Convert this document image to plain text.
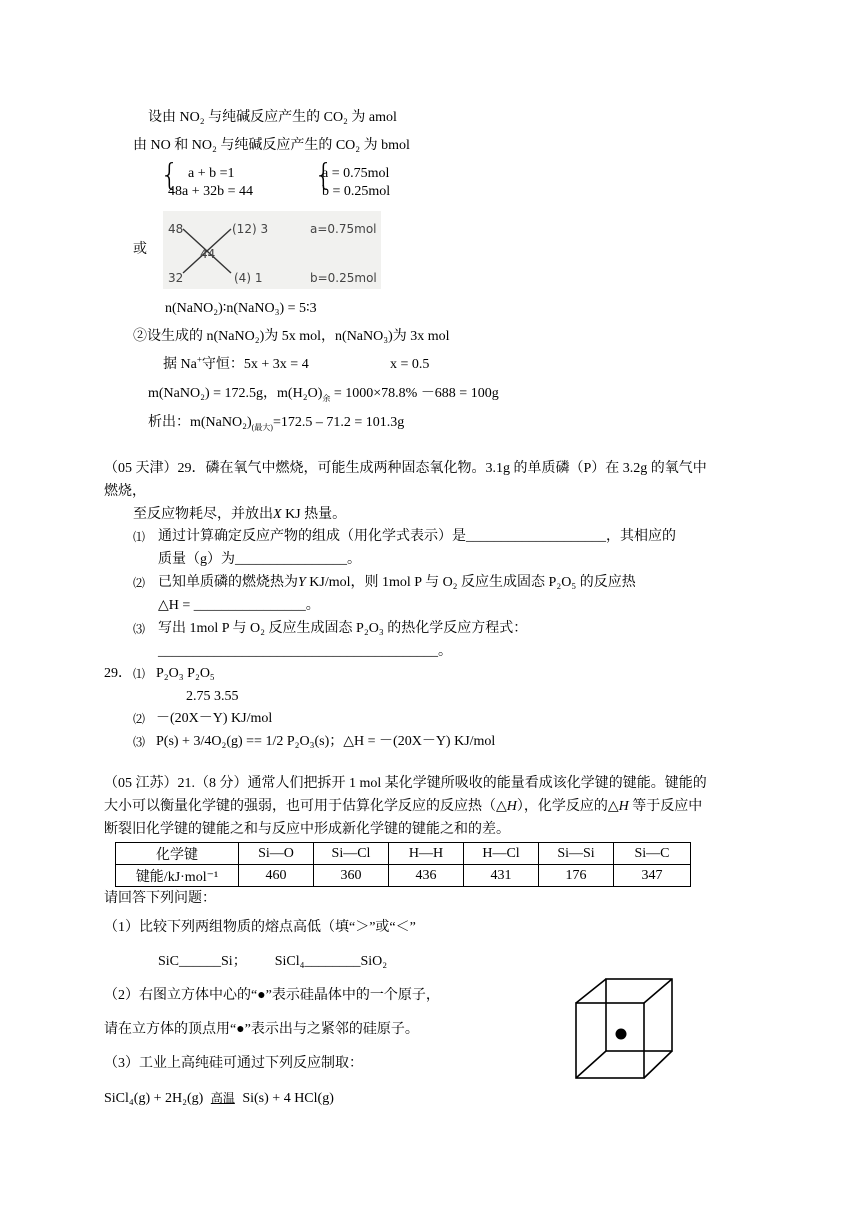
设由 NO₂ 与纯碱反应产生的 CO₂ 为 amol
由 NO 和 NO₂ 与纯碱反应产生的 CO₂ 为 bmol
{ a + b =1
48a + 32b = 44 {
a = 0.75mol
b = 0.25mol
或
48	(12) 3
44
32	(4) 1
a=0.75mol
b=0.25mol
n(NaNO₂)∶n(NaNO₃) = 5∶3
②设生成的 n(NaNO₂)为 5x mol，n(NaNO₃)为 3x mol
据 Na+守恒：5x + 3x = 4	x = 0.5
m(NaNO₂) = 172.5g，$m(H_2O)_余 = 1000\times 78.8\% -688 = 100g$
析出：$m(NaNO_2)_{(最大)}=172.5 - 71.2 = 101.3g$
（05 天津）29．磷在氧气中燃烧，可能生成两种固态氧化物。3.1g 的单质磷（P）在 3.2g 的氧气中
燃烧，
至反应物耗尽，并放出X KJ 热量。
⑴ 通过计算确定反应产物的组成（用化学式表示）是____________________，其相应的
质量（g）为________________。
⑵ 已知单质磷的燃烧热为Y KJ/mol，则 1mol P 与 O₂ 反应生成固态 P₂O₅ 的反应热
△H = ________________。
⑶ 写出 1mol P 与 O₂ 反应生成固态 P₂O₃ 的热化学反应方程式：
________________________________________。
29． ⑴ P₂O₃ P₂O₅
2.75 3.55
⑵ －(20X－Y) KJ/mol
⑶ P(s) + 3/4O₂(g) == 1/2 P₂O₃(s)；△H = －(20X－Y) KJ/mol
（05 江苏）21.（8 分）通常人们把拆开 1 mol 某化学键所吸收的能量看成该化学键的键能。键能的
大小可以衡量化学键的强弱，也可用于估算化学反应的反应热（△H），化学反应的△H 等于反应中
断裂旧化学键的键能之和与反应中形成新化学键的键能之和的差。
化学键	Si—O	Si—Cl	H—H	H—Cl	Si—Si	Si—C
键能/kJ·mol⁻¹	460	360	436	431	176	347
请回答下列问题：
（1）比较下列两组物质的熔点高低（填“＞”或“＜”
SiC______Si； SiCl₄________SiO₂
（2）右图立方体中心的“●”表示硅晶体中的一个原子，
请在立方体的顶点用“●”表示出与之紧邻的硅原子。
（3）工业上高纯硅可通过下列反应制取：
SiCl₄(g) + 2H₂(g) 高温 Si(s) + 4 HCl(g)
